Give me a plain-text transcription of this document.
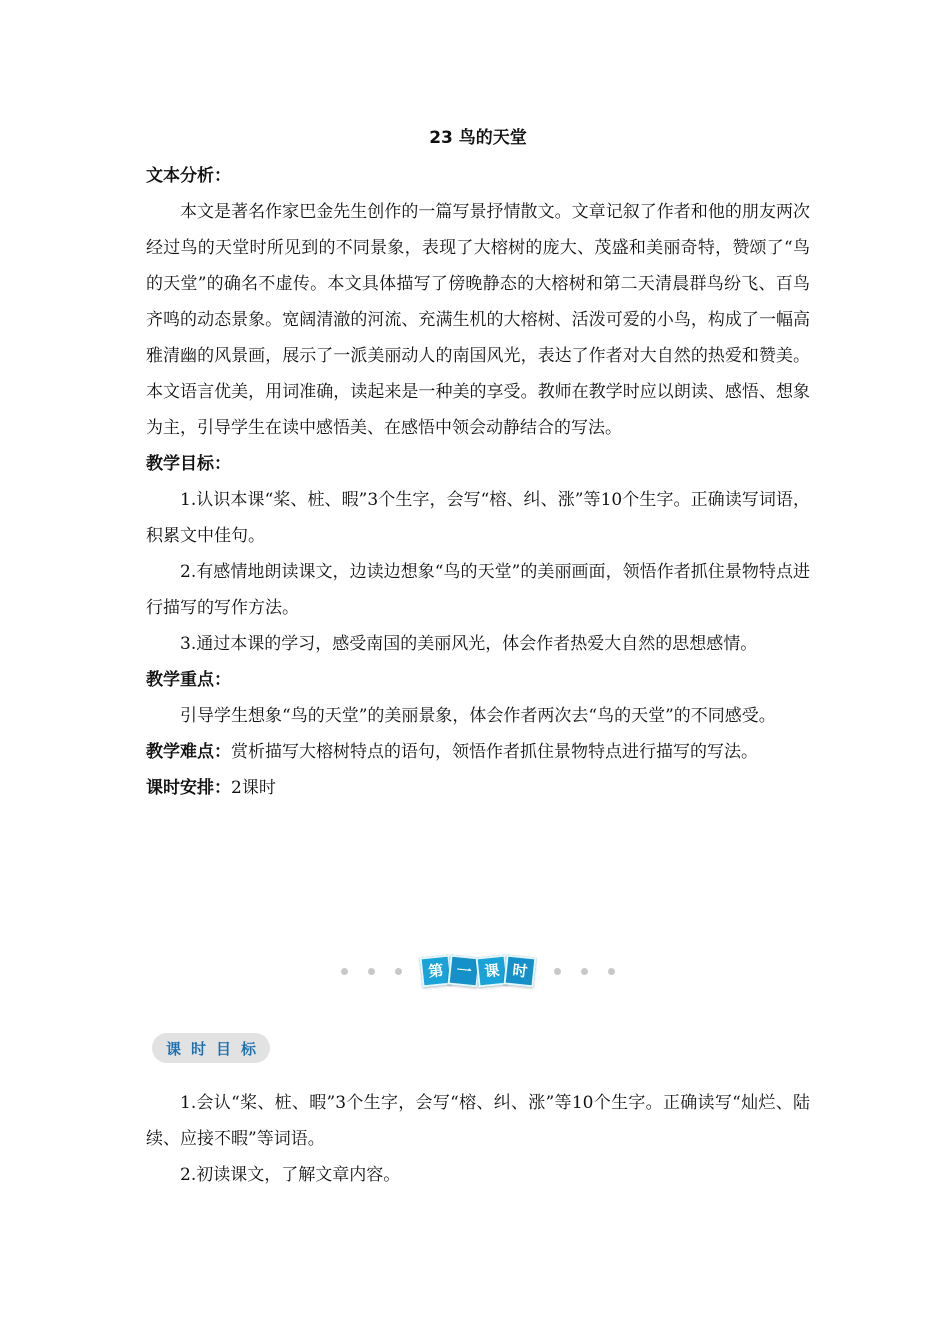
23 鸟的天堂

文本分析：

本文是著名作家巴金先生创作的一篇写景抒情散文。文章记叙了作者和他的朋友两次经过鸟的天堂时所见到的不同景象，表现了大榕树的庞大、茂盛和美丽奇特，赞颂了“鸟的天堂”的确名不虚传。本文具体描写了傍晚静态的大榕树和第二天清晨群鸟纷飞、百鸟齐鸣的动态景象。宽阔清澈的河流、充满生机的大榕树、活泼可爱的小鸟，构成了一幅高雅清幽的风景画，展示了一派美丽动人的南国风光，表达了作者对大自然的热爱和赞美。本文语言优美，用词准确，读起来是一种美的享受。教师在教学时应以朗读、感悟、想象为主，引导学生在读中感悟美、在感悟中领会动静结合的写法。

教学目标：

1.认识本课“桨、桩、暇”3个生字，会写“榕、纠、涨”等10个生字。正确读写词语，积累文中佳句。

2.有感情地朗读课文，边读边想象“鸟的天堂”的美丽画面，领悟作者抓住景物特点进行描写的写作方法。

3.通过本课的学习，感受南国的美丽风光，体会作者热爱大自然的思想感情。

教学重点：

引导学生想象“鸟的天堂”的美丽景象，体会作者两次去“鸟的天堂”的不同感受。

教学难点：赏析描写大榕树特点的语句，领悟作者抓住景物特点进行描写的写法。

课时安排：2课时

第 一 课 时
课 时 目 标

1.会认“桨、桩、暇”3个生字，会写“榕、纠、涨”等10个生字。正确读写“灿烂、陆续、应接不暇”等词语。

2.初读课文，了解文章内容。
